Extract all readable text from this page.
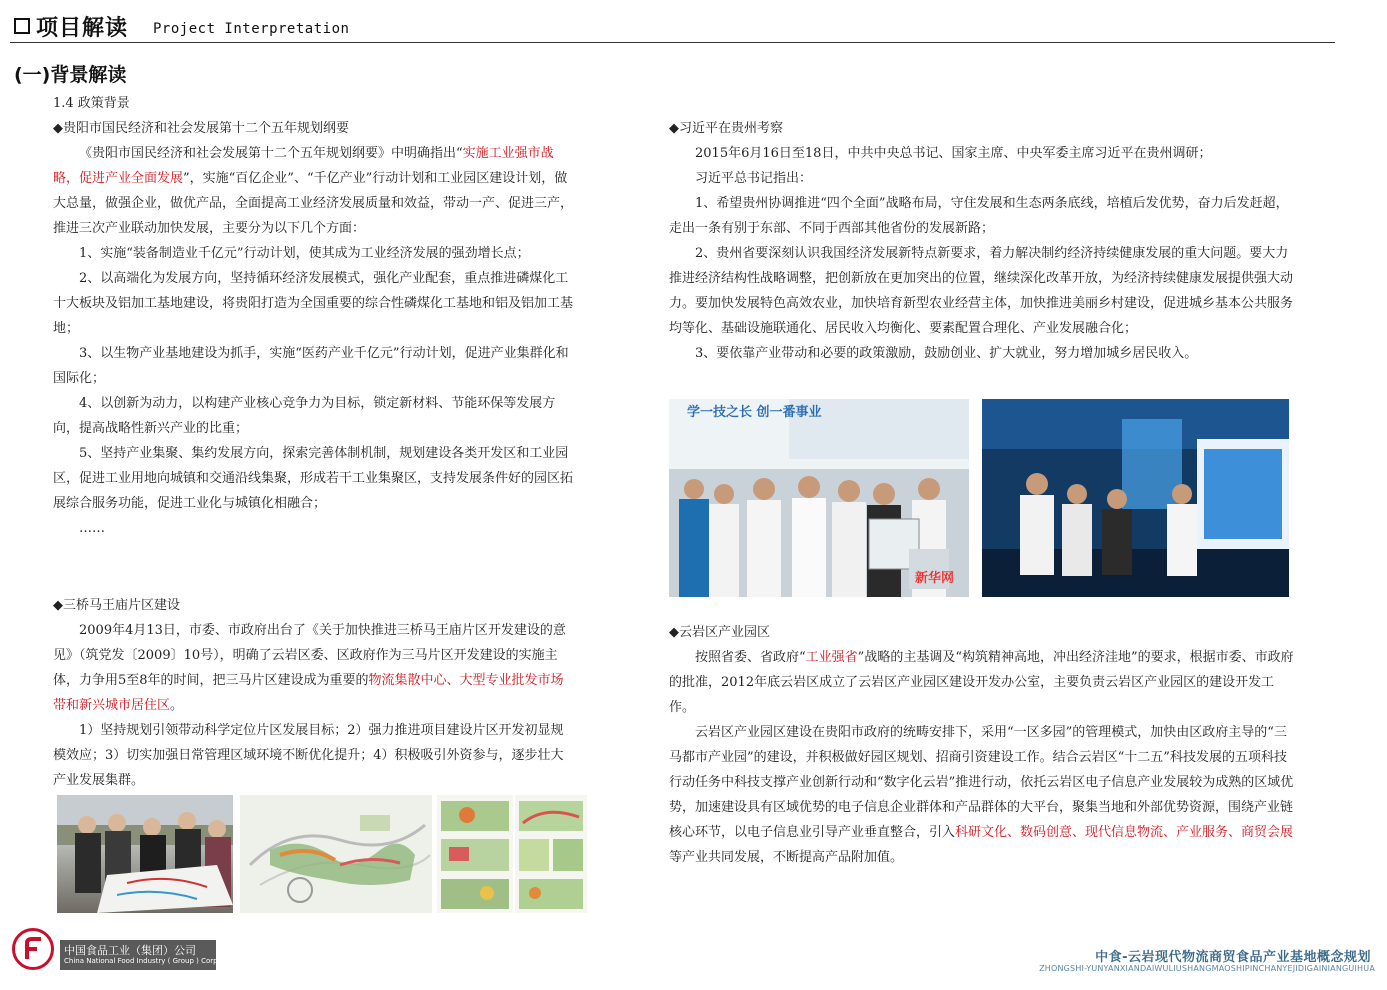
项目解读 Project Interpretation
(一)背景解读

1.4 政策背景

◆贵阳市国民经济和社会发展第十二个五年规划纲要

《贵阳市国民经济和社会发展第十二个五年规划纲要》中明确指出“实施工业强市战略，促进产业全面发展”，实施“百亿企业”、“千亿产业”行动计划和工业园区建设计划，做大总量，做强企业，做优产品，全面提高工业经济发展质量和效益，带动一产、促进三产，推进三次产业联动加快发展，主要分为以下几个方面：

1、实施“装备制造业千亿元”行动计划，使其成为工业经济发展的强劲增长点；

2、以高端化为发展方向，坚持循环经济发展模式，强化产业配套，重点推进磷煤化工十大板块及铝加工基地建设，将贵阳打造为全国重要的综合性磷煤化工基地和铝及铝加工基地；

3、以生物产业基地建设为抓手，实施“医药产业千亿元”行动计划，促进产业集群化和国际化；

4、以创新为动力，以构建产业核心竞争力为目标，锁定新材料、节能环保等发展方向，提高战略性新兴产业的比重；

5、坚持产业集聚、集约发展方向，探索完善体制机制，规划建设各类开发区和工业园区，促进工业用地向城镇和交通沿线集聚，形成若干工业集聚区，支持发展条件好的园区拓展综合服务功能，促进工业化与城镇化相融合；

……

◆三桥马王庙片区建设

2009年4月13日，市委、市政府出台了《关于加快推进三桥马王庙片区开发建设的意见》（筑党发〔2009〕10号），明确了云岩区委、区政府作为三马片区开发建设的实施主体，力争用5至8年的时间，把三马片区建设成为重要的物流集散中心、大型专业批发市场带和新兴城市居住区。

1）坚持规划引领带动科学定位片区发展目标；2）强力推进项目建设片区开发初显规模效应；3）切实加强日常管理区域环境不断优化提升；4）积极吸引外资参与，逐步壮大产业发展集群。

◆习近平在贵州考察

2015年6月16日至18日，中共中央总书记、国家主席、中央军委主席习近平在贵州调研；

习近平总书记指出：

1、希望贵州协调推进“四个全面”战略布局，守住发展和生态两条底线，培植后发优势，奋力后发赶超，走出一条有别于东部、不同于西部其他省份的发展新路；

2、贵州省要深刻认识我国经济发展新特点新要求，着力解决制约经济持续健康发展的重大问题。要大力推进经济结构性战略调整，把创新放在更加突出的位置，继续深化改革开放，为经济持续健康发展提供强大动力。要加快发展特色高效农业，加快培育新型农业经营主体，加快推进美丽乡村建设，促进城乡基本公共服务均等化、基础设施联通化、居民收入均衡化、要素配置合理化、产业发展融合化；

3、要依靠产业带动和必要的政策激励，鼓励创业、扩大就业，努力增加城乡居民收入。

学一技之长 创一番事业
新华网

◆云岩区产业园区

按照省委、省政府“工业强省”战略的主基调及“构筑精神高地，冲出经济洼地”的要求，根据市委、市政府的批准，2012年底云岩区成立了云岩区产业园区建设开发办公室，主要负责云岩区产业园区的建设开发工作。

云岩区产业园区建设在贵阳市政府的统畴安排下，采用“一区多园”的管理模式，加快由区政府主导的“三马都市产业园”的建设，并积极做好园区规划、招商引资建设工作。结合云岩区“十二五”科技发展的五项科技行动任务中科技支撑产业创新行动和“数字化云岩”推进行动，依托云岩区电子信息产业发展较为成熟的区域优势，加速建设具有区域优势的电子信息企业群体和产品群体的大平台，聚集当地和外部优势资源，围绕产业链核心环节，以电子信息业引导产业垂直整合，引入科研文化、数码创意、现代信息物流、产业服务、商贸会展等产业共同发展，不断提高产品附加值。

中国食品工业（集团）公司
China National Food Industry ( Group ) Corp	中食-云岩现代物流商贸食品产业基地概念规划
ZHONGSHI-YUNYANXIANDAIWULIUSHANGMAOSHIPINCHANYEJIDIGAINIANGUIHUA
